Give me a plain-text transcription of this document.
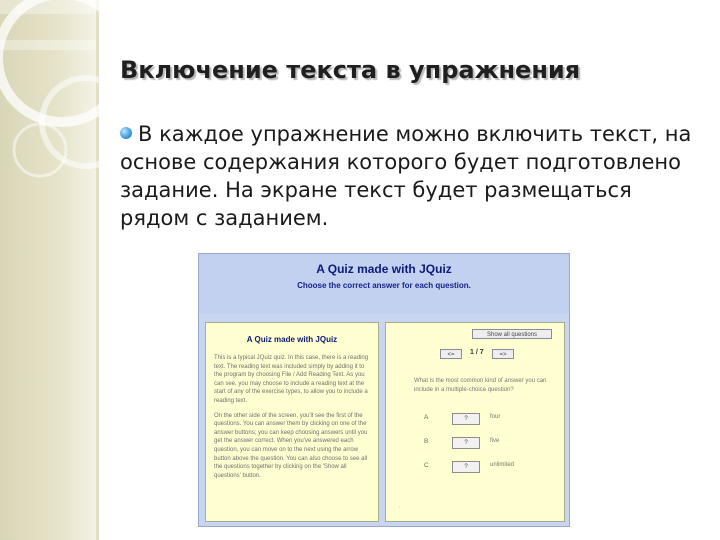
Включение текста в упражнения
В каждое упражнение можно включить текст, на основе содержания которого будет подготовлено задание. На экране текст будет размещаться рядом с заданием.
A Quiz made with JQuiz
Choose the correct answer for each question.
A Quiz made with JQuiz

This is a typical JQuiz quiz. In this case, there is a reading text. The reading text was included simply by adding it to the program by choosing File / Add Reading Text. As you can see, you may choose to include a reading text at the start of any of the exercise types, to allow you to include a reading text.

On the other side of the screen, you'll see the first of the questions. You can answer them by clicking on one of the answer buttons; you can keep choosing answers until you get the answer correct. When you've answered each question, you can move on to the next using the arrow button above the question. You can also choose to see all the questions together by clicking on the 'Show all questions' button.

Show all questions
<=	1 / 7	=>
What is the most common kind of answer you can include in a multiple-choice question?
A	?	four
B	?	five
C	?	unlimited
·
